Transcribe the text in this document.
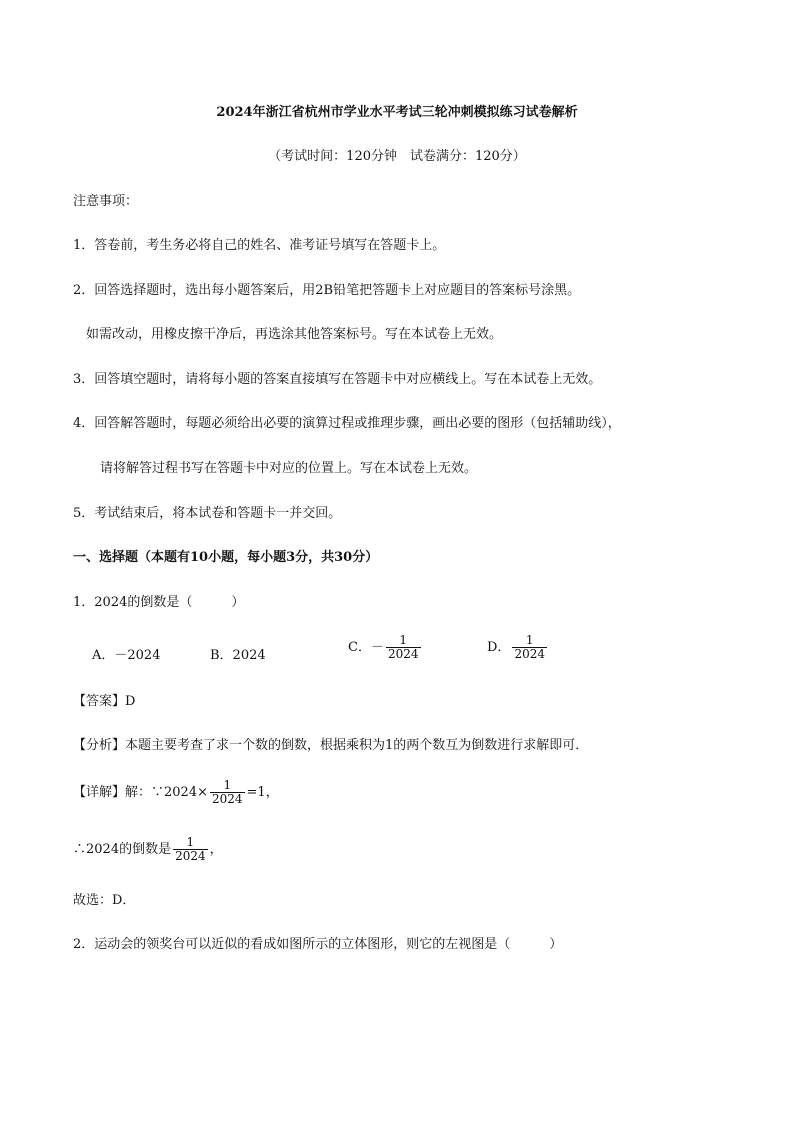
2024年浙江省杭州市学业水平考试三轮冲刺模拟练习试卷解析
（考试时间：120分钟　试卷满分：120分）
注意事项：
1．答卷前，考生务必将自己的姓名、准考证号填写在答题卡上。
2．回答选择题时，选出每小题答案后，用2B铅笔把答题卡上对应题目的答案标号涂黑。
如需改动，用橡皮擦干净后，再选涂其他答案标号。写在本试卷上无效。
3．回答填空题时，请将每小题的答案直接填写在答题卡中对应横线上。写在本试卷上无效。
4．回答解答题时，每题必须给出必要的演算过程或推理步骤，画出必要的图形（包括辅助线），
请将解答过程书写在答题卡中对应的位置上。写在本试卷上无效。
5．考试结束后，将本试卷和答题卡一并交回。
一、选择题（本题有10小题，每小题3分，共30分）
1．2024的倒数是（　　　）
A．－2024	B．2024
C．－ $\frac{1}{2024}$	D． $\frac{1}{2024}$
【答案】D
【分析】本题主要考查了求一个数的倒数，根据乘积为1的两个数互为倒数进行求解即可．
【详解】解：∵2024× $\frac{1}{2024} =1$，
∴2024的倒数是 $\frac{1}{2024}$ ，
故选：D．
2．运动会的领奖台可以近似的看成如图所示的立体图形，则它的左视图是（　　　）
